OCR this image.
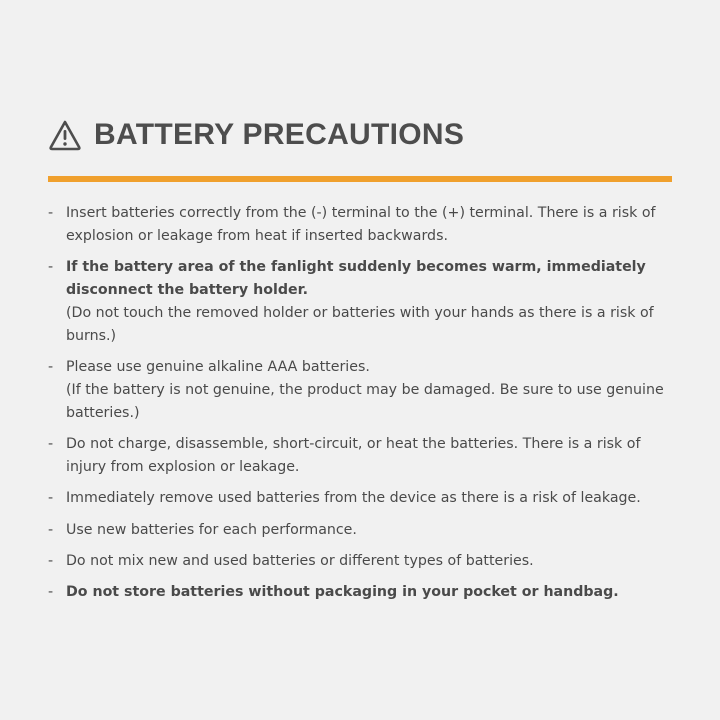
BATTERY PRECAUTIONS
- Insert batteries correctly from the (-) terminal to the (+) terminal. There is a risk of explosion or leakage from heat if inserted backwards.
- If the battery area of the fanlight suddenly becomes warm, immediately disconnect the battery holder.
(Do not touch the removed holder or batteries with your hands as there is a risk of burns.)
- Please use genuine alkaline AAA batteries.
(If the battery is not genuine, the product may be damaged. Be sure to use genuine batteries.)
- Do not charge, disassemble, short-circuit, or heat the batteries. There is a risk of injury from explosion or leakage.
- Immediately remove used batteries from the device as there is a risk of leakage.
- Use new batteries for each performance.
- Do not mix new and used batteries or different types of batteries.
- Do not store batteries without packaging in your pocket or handbag.
